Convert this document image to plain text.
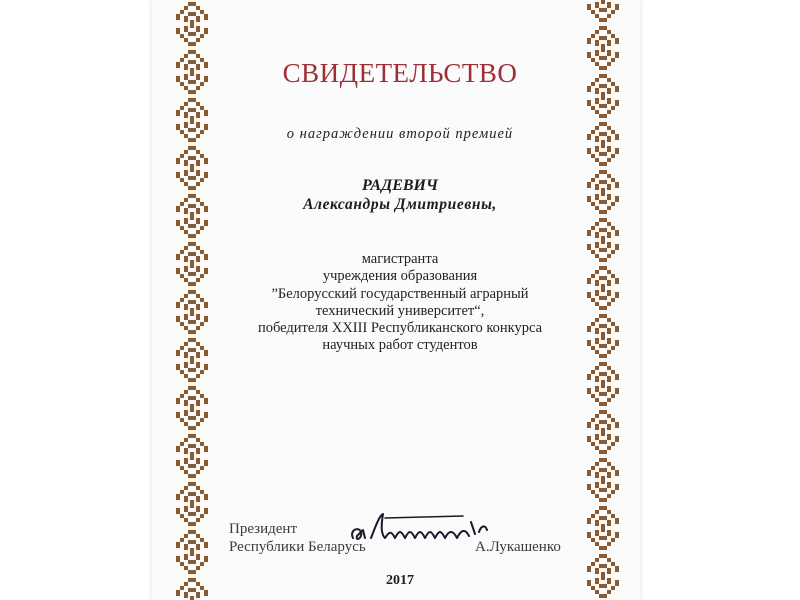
СВИДЕТЕЛЬСТВО
о награждении второй премией
РАДЕВИЧ
Александры Дмитриевны,
магистранта
учреждения образования
”Белорусский государственный аграрный
технический университет“,
победителя XXIII Республиканского конкурса
научных работ студентов
Президент
Республики Беларусь	А.Лукашенко
2017
